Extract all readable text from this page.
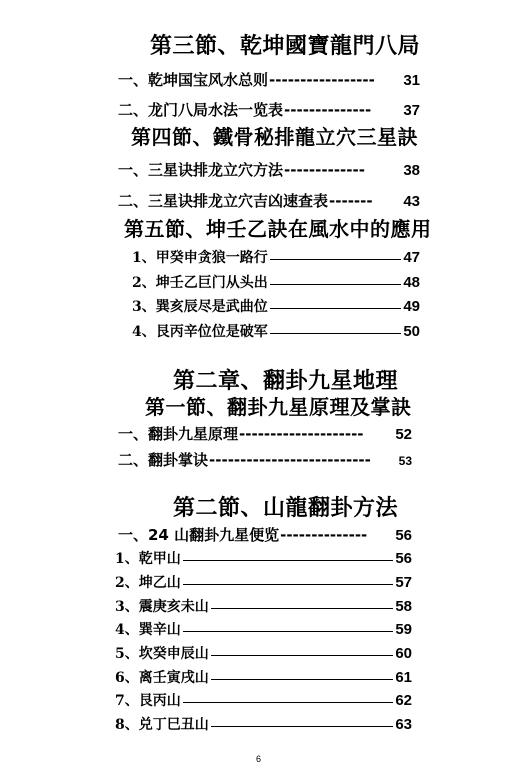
第三節、乾坤國寶龍門八局
一、乾坤国宝风水总则 -----------------	31
二、龙门八局水法一览表 --------------	37
第四節、鐵骨秘排龍立穴三星訣
一、三星诀排龙立穴方法 -------------	38
二、三星诀排龙立穴吉凶速查表 -------	43
第五節、坤壬乙訣在風水中的應用
1、甲癸申贪狼一路行	47
2、坤壬乙巨门从头出	48
3、巽亥辰尽是武曲位	49
4、艮丙辛位位是破军	50
第二章、翻卦九星地理
第一節、翻卦九星原理及掌訣
一、翻卦九星原理 --------------------	52
二、翻卦掌诀 --------------------------	53
第二節、山龍翻卦方法
一、24 山翻卦九星便览 --------------	56
1、乾甲山	56
2、坤乙山	57
3、震庚亥未山	58
4、巽辛山	59
5、坎癸申辰山	60
6、离壬寅戌山	61
7、艮丙山	62
8、兑丁巳丑山	63
6
